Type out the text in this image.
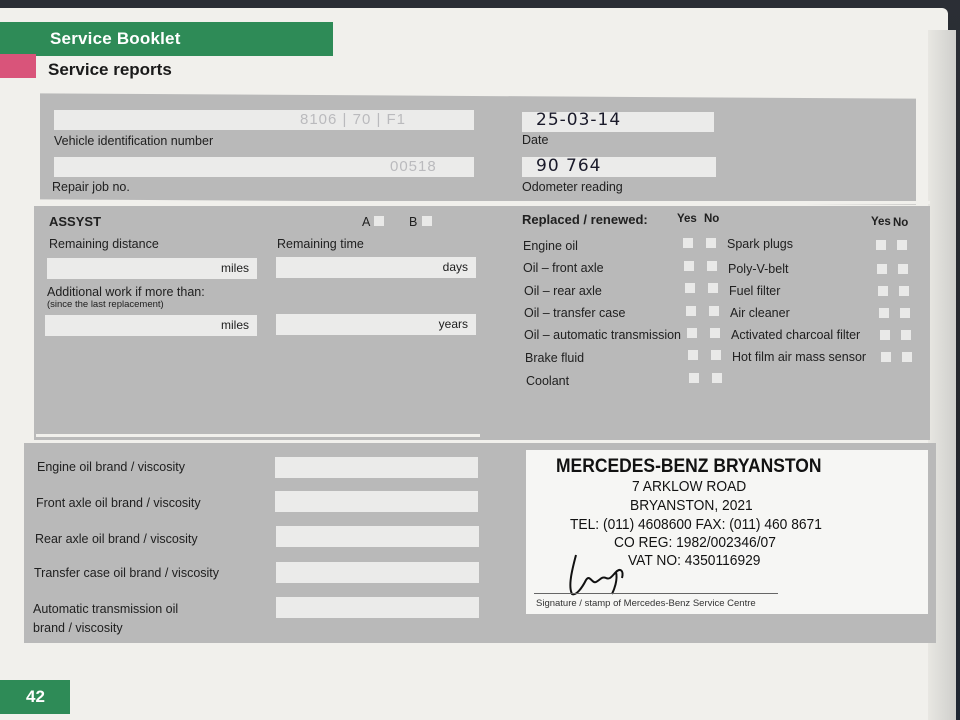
Service Booklet
Service reports
8106 | 70 | F1
Vehicle identification number
00518
Repair job no.
25-03-14
Date
90 764
Odometer reading
ASSYST	A	B
Remaining distance	Remaining time
miles	days
Additional work if more than:
(since the last replacement)
miles	years
Replaced / renewed:	Yes No	Yes No
Engine oil
Oil – front axle
Oil – rear axle
Oil – transfer case
Oil – automatic transmission
Brake fluid
Coolant
Spark plugs
Poly-V-belt
Fuel filter
Air cleaner
Activated charcoal filter
Hot film air mass sensor
Engine oil brand / viscosity
Front axle oil brand / viscosity
Rear axle oil brand / viscosity
Transfer case oil brand / viscosity
Automatic transmission oil
brand / viscosity
MERCEDES-BENZ BRYANSTON
7 ARKLOW ROAD
BRYANSTON, 2021
TEL: (011) 4608600 FAX: (011) 460 8671
CO REG: 1982/002346/07
VAT NO: 4350116929
Signature / stamp of Mercedes-Benz Service Centre
42
